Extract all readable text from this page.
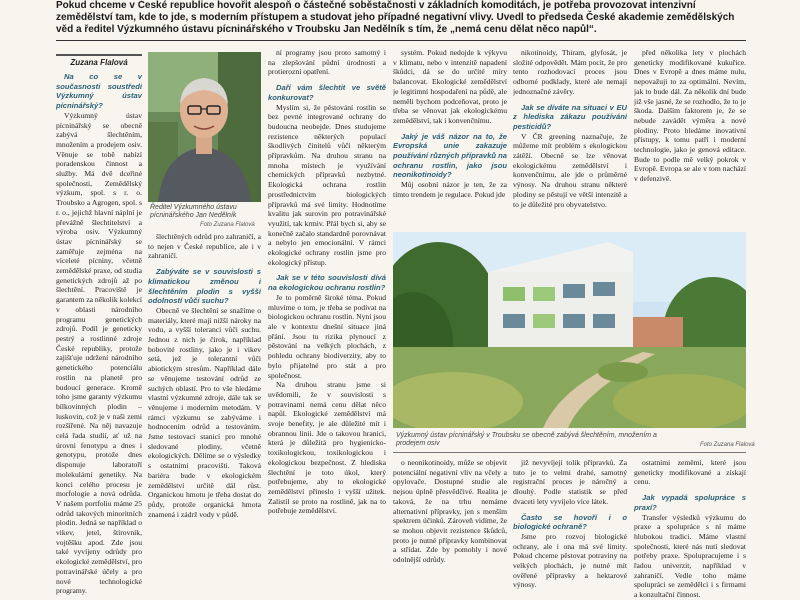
Pokud chceme v České republice hovořit alespoň o částečné soběstačnosti v základních komoditách, je potřeba provozovat intenzivní zemědělství tam, kde to jde, s moderním přístupem a studovat jeho případné negativní vlivy. Uvedl to předseda České akademie zemědělských věd a ředitel Výzkumného ústavu pícninářského v Troubsku Jan Nedělník s tím, že „nemá cenu dělat něco napůl“.
Zuzana Flalová

Na co se v současnosti soustředí Výzkumný ústav pícninářský?

Výzkumný ústav pícninářský se obecně zabývá šlechtěním, množením a prodejem osiv. Věnuje se tobě nabízí poradenskou činnost a služby. Má dvě dceřiné společnosti, Zemědělský výzkum, spol. s r. o. Troubsko a Agrogen, spol. s r. o., jejichž hlavní náplní je převážně šlechtitelství a výroba osiv. Výzkumný ústav pícninářský se zaměřuje zejména na víceleté pícniny, včetně zemědělské praxe, od studia genetických zdrojů až po šlechtění. Pracoviště je garantem za několik kolekcí v oblasti národního programu genetických zdrojů. Podíl je geneticky pestrý a rostlinné zdroje České republiky, protože zajišťuje udržení národního genetického potenciálu rostlin na planetě pro budoucí generace. Kromě toho jsme garanty výzkumu bílkovinných plodin – luskovin, což je v naši zemi rozšířené. Na něj navazuje celá řada studií, ať už na úrovni fenotypu a dnes i genotypu, protože dnes disponuje laboratoří molekulární genetiky. Na konci celého procesu je morfologie a nová odrůda. V našem portfoliu máme 25 odrůd takových minoritních plodin. Jedná se například o vikev, jetel, štírovník, vojtěšku apod. Zde jsou také vyvíjeny odrůdy pro ekologické zemědělství, pro potravinářské účely a pro nové technologické programy.

Ředitel Výzkumného ústavu pícninářského Jan Nedělník
Foto Zuzana Flalová

šlechtěných odrůd pro zahraničí, a to nejen v České republice, ale i v zahraničí.

Zabýváte se v souvislosti s klimatickou změnou i šlechtěním plodin s vyšší odolností vůči suchu?

Obecně ve šlechtění se snažíme o materiály, které mají nižší nároky na vodu, a vyšší toleranci vůči suchu. Jednou z nich je čirok, například bobovité rostliny, jako je i vikev setá, jež je tolerantní vůči abiotickým stresům. Například dále se věnujeme testování odrůd ze suchých oblastí. Pro to vše hledáme vlastní výzkumné zdroje, dále tak se věnujeme i moderním metodám. V rámci výzkumu se zabýváme i hodnocením odrůd a testováním. Jsme testovací stanicí pro mnohé sledované plodiny, včetně ekologických. Dělíme se o výsledky s ostatními pracovišti. Taková bariéra bude v ekologickém zemědělství určitě dál růst. Organickou hmotu je třeba dostat do půdy, protože organická hmota znamená i zádrž vody v půdě.

ní programy jsou proto samotný i na zlepšování půdní úrodnosti a protierozní opatření.

Daří vám šlechtit ve světě konkurovat?

Myslím si, že pěstování rostlin se bez pevné integrované ochrany do budoucna neobejde. Dnes studujeme rezistence některých populací škodlivých činitelů vůči některým přípravkům. Na druhou stranu na mnoha místech je využívání chemických přípravků nezbytné. Ekologická ochrana rostlin prostřednictvím biologických přípravků má své limity. Hodnotíme kvalitu jak surovin pro potravinářské využití, tak krmiv. Přál bych si, aby se konečně začalo standardně porovnávat a nebylo jen emocionální. V rámci ekologické ochrany rostlin jsme pro ekologický přístup.

Jak se v této souvislosti dívá na ekologickou ochranu rostlin?

Je to poměrně široké téma. Pokud mluvíme o tom, je třeba se podívat na biologickou ochranu rostlin. Nyní jsou ale v kontextu dnešní situace jiná přání. Jsou tu rizika plynoucí z pěstování na velkých plochách, z pohledu ochrany biodiverzity, aby to bylo přijatelné pro stát a pro společnost.

Na druhou stranu jsme si uvědomili, že v souvislosti s potravinami nemá cenu dělat něco napůl. Ekologické zemědělství má svoje benefity, je ale důležité mít i obrannou linii. Jde o takovou hranici, která je důležitá pro hygienicko-toxikologickou, toxikologickou i ekologickou bezpečnost. Z hlediska šlechtění je toto úkol, který potřebujeme, aby to ekologické zemědělství přineslo i vyšší užitek. Zalistil se proto na rostlině, jak na to potřebuje zemědělství.

systém. Pokud nedojde k výkyvu v klimatu, nebo v intenzitě napadení škůdci, dá se do určité míry balancovat. Ekologické zemědělství je legitimní hospodaření na půdě, ale neměli bychom podceňovat, proto je třeba se věnovat jak ekologickému zemědělství, tak i konvenčnímu.

Jaký je váš názor na to, že Evropská unie zakazuje používání různých přípravků na ochranu rostlin, jako jsou neonikotinoidy?

Můj osobní názor je ten, že za tímto trendem je regulace. Pokud jde

nikotinoidy, Thiram, glyfosát, je složité odpovědět. Mám pocit, že pro tento rozhodovací proces jsou odborné podklady, které ale nemají jednoznačné závěry.

Jak se díváte na situaci v EU z hlediska zákazu používání pesticidů?

V ČR greening naznačuje, že můžeme mít problém s ekologickou zátěží. Obecně se lze věnovat ekologickému zemědělství i konvenčnímu, ale jde o průměrné výnosy. Na druhou stranu některé plodiny se pěstují ve větší intenzitě a to je důležité pro obyvatelstvo.

před několika lety v plochách geneticky modifikované kukuřice. Dnes v Evropě a dnes máme nulu, nepovažuji to za optimální. Nevím, jak to bude dál. Za několik dní bude již vše jasné, že se rozhodlo, že to je škoda. Dalším faktorem je, že se nebude zavádět výměra a nové plodiny. Proto hledáme inovativní přístupy, k tomu patří i moderní technologie, jako je genová editace. Bude to podle mě velký pokrok v Evropě. Evropa se ale v tom nachází v defenzivě.

Výzkumný ústav pícninářský v Troubsku se obecně zabývá šlechtěním, množením a prodejem osiv	Foto Zuzana Flalová

o neonikotinoidy, může se objevit potenciální negativní vliv na včely a opylovače. Dostupné studie ale nejsou úplně přesvědčivé. Realita je taková, že na trhu nemáme alternativní přípravky, jen s menším spektrem účinků. Zároveň vidíme, že se mohou objevit rezistence škůdců, proto je nutné přípravky kombinovat a střídat. Zde by pomohly i nové odolnější odrůdy.

již nevyvíjejí tolik přípravků. Za tuto je to velmi drahé, samotný registrační proces je náročný a dlouhý. Podle statistik se před dvaceti lety vyvíjelo více látek.

Často se hovoří i o biologické ochraně?

Jsme pro rozvoj biologické ochrany, ale i ona má své limity. Pokud chceme pěstovat potraviny na velkých plochách, je nutné mít ověřené přípravky a hektarové výnosy.

ostatními zeměmi, které jsou geneticky modifikované a získají cenu.

Jak vypadá spolupráce s praxí?

Transfer výsledků výzkumu do praxe a spolupráce s ní máme hlubokou tradici. Máme vlastní společnosti, které nás nutí sledovat potřeby praxe. Spolupracujeme i s řadou univerzit, například v zahraničí. Vedle toho máme spolupráci se zemědělci i s firmami a konzultační činnost.
